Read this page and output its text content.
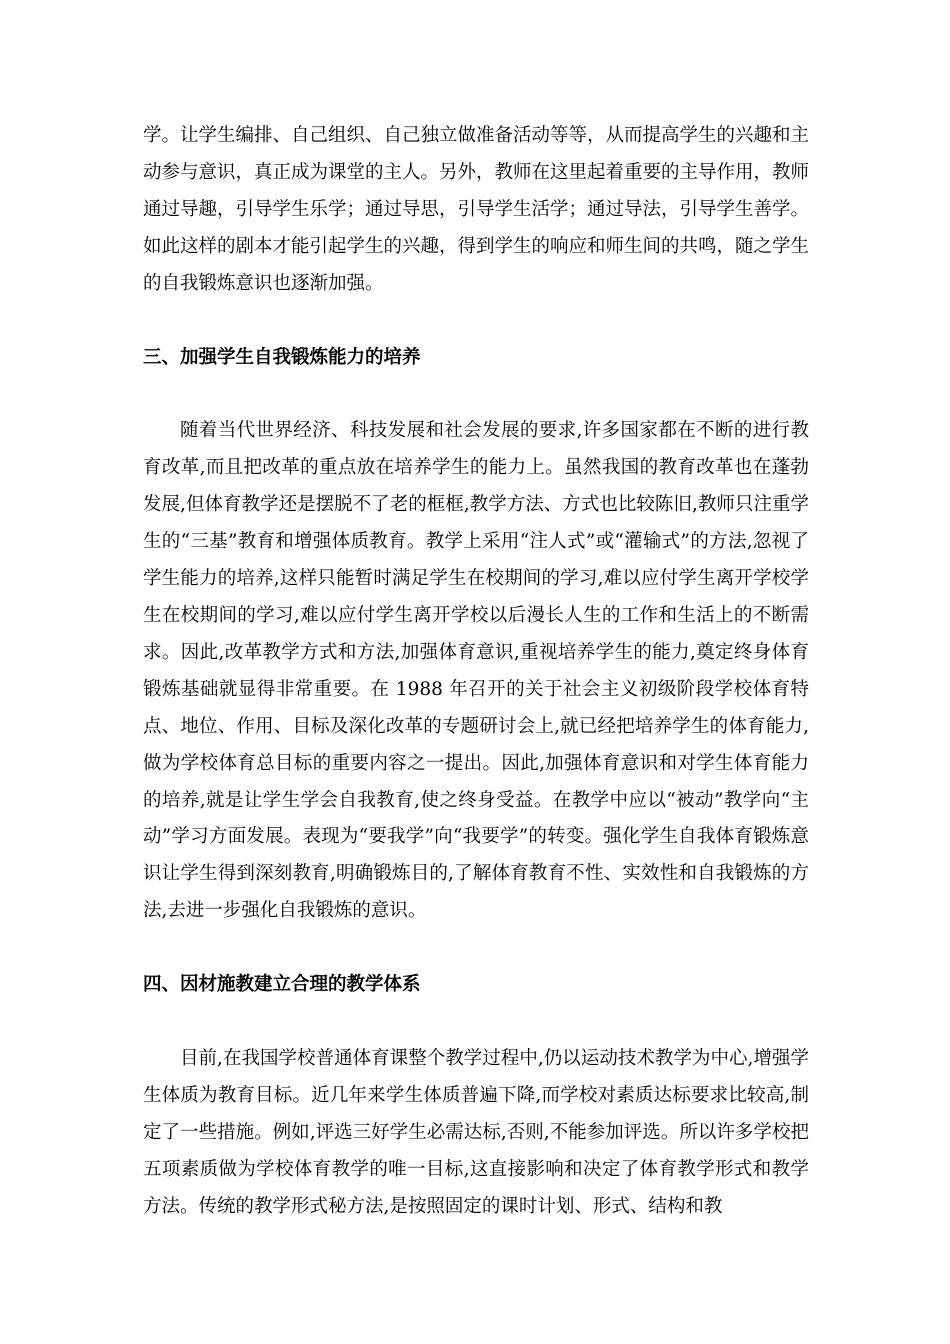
学。让学生编排、自己组织、自己独立做准备活动等等，从而提高学生的兴趣和主动参与意识，真正成为课堂的主人。另外，教师在这里起着重要的主导作用，教师通过导趣，引导学生乐学；通过导思，引导学生活学；通过导法，引导学生善学。如此这样的剧本才能引起学生的兴趣，得到学生的响应和师生间的共鸣，随之学生的自我锻炼意识也逐渐加强。

三、加强学生自我锻炼能力的培养

随着当代世界经济、科技发展和社会发展的要求,许多国家都在不断的进行教育改革,而且把改革的重点放在培养学生的能力上。虽然我国的教育改革也在蓬勃发展,但体育教学还是摆脱不了老的框框,教学方法、方式也比较陈旧,教师只注重学生的“三基”教育和增强体质教育。教学上采用“注人式”或“灌输式”的方法,忽视了学生能力的培养,这样只能暂时满足学生在校期间的学习,难以应付学生离开学校学生在校期间的学习,难以应付学生离开学校以后漫长人生的工作和生活上的不断需求。因此,改革教学方式和方法,加强体育意识,重视培养学生的能力,奠定终身体育锻炼基础就显得非常重要。在 1988 年召开的关于社会主义初级阶段学校体育特点、地位、作用、目标及深化改革的专题研讨会上,就已经把培养学生的体育能力,做为学校体育总目标的重要内容之一提出。因此,加强体育意识和对学生体育能力的培养,就是让学生学会自我教育,使之终身受益。在教学中应以“被动”教学向“主动”学习方面发展。表现为“要我学”向“我要学”的转变。强化学生自我体育锻炼意识让学生得到深刻教育,明确锻炼目的,了解体育教育不性、实效性和自我锻炼的方法,去进一步强化自我锻炼的意识。

四、因材施教建立合理的教学体系

目前,在我国学校普通体育课整个教学过程中,仍以运动技术教学为中心,增强学生体质为教育目标。近几年来学生体质普遍下降,而学校对素质达标要求比较高,制定了一些措施。例如,评选三好学生必需达标,否则,不能参加评选。所以许多学校把五项素质做为学校体育教学的唯一目标,这直接影响和决定了体育教学形式和教学方法。传统的教学形式秘方法,是按照固定的课时计划、形式、结构和教
